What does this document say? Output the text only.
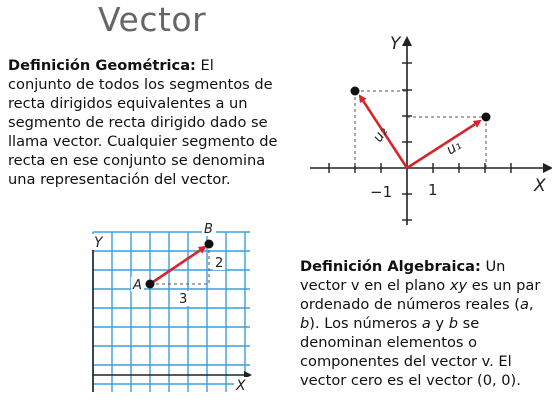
Vector
Definición Geométrica: El conjunto de todos los segmentos de recta dirigidos equivalentes a un segmento de recta dirigido dado se llama vector. Cualquier segmento de recta en ese conjunto se denomina una representación del vector.
Definición Algebraica: Un vector v en el plano xy es un par ordenado de números reales (a, b). Los números a y b se denominan elementos o componentes del vector v. El vector cero es el vector (0, 0).
Y
X
−1 1
u₂
u₁
Y
X
A
B
3
2
